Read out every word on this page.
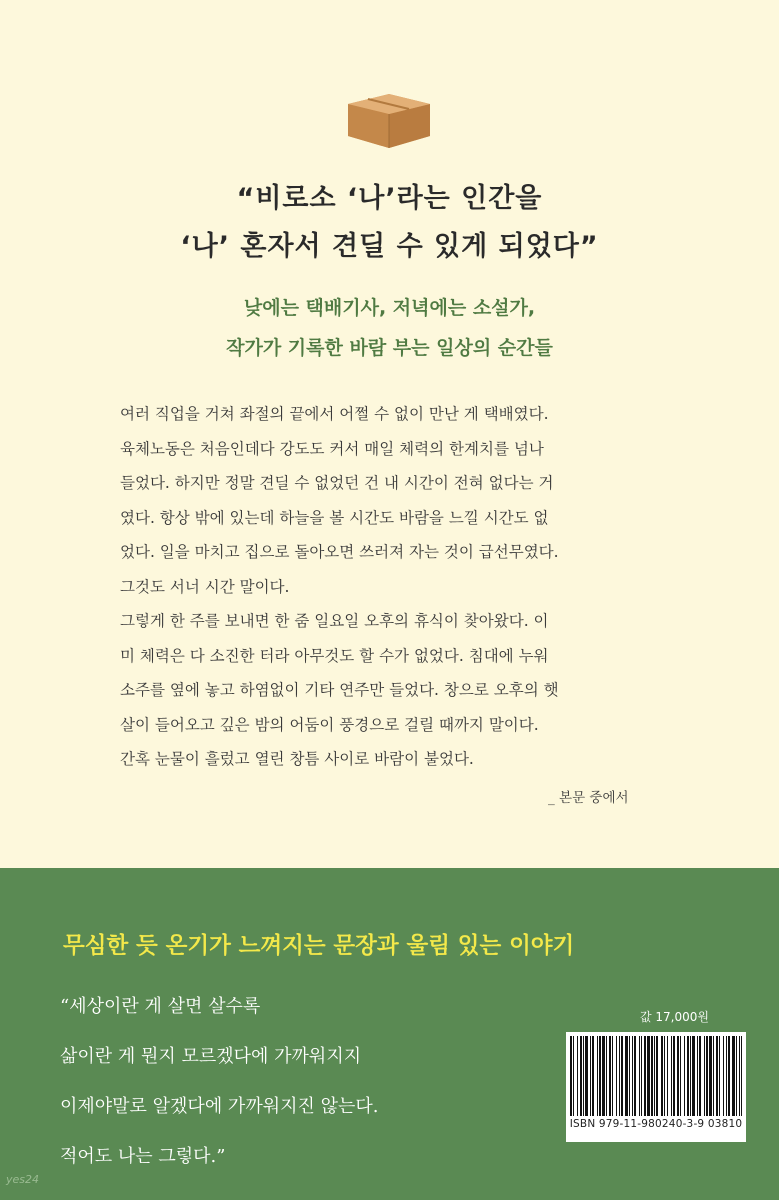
“비로소 ‘나’라는 인간을
‘나’ 혼자서 견딜 수 있게 되었다”

낮에는 택배기사, 저녁에는 소설가,

작가가 기록한 바람 부는 일상의 순간들

여러 직업을 거쳐 좌절의 끝에서 어쩔 수 없이 만난 게 택배였다.

육체노동은 처음인데다 강도도 커서 매일 체력의 한계치를 넘나

들었다. 하지만 정말 견딜 수 없었던 건 내 시간이 전혀 없다는 거

였다. 항상 밖에 있는데 하늘을 볼 시간도 바람을 느낄 시간도 없

었다. 일을 마치고 집으로 돌아오면 쓰러져 자는 것이 급선무였다.

그것도 서너 시간 말이다.

그렇게 한 주를 보내면 한 줌 일요일 오후의 휴식이 찾아왔다. 이

미 체력은 다 소진한 터라 아무것도 할 수가 없었다. 침대에 누워

소주를 옆에 놓고 하염없이 기타 연주만 들었다. 창으로 오후의 햇

살이 들어오고 깊은 밤의 어둠이 풍경으로 걸릴 때까지 말이다.

간혹 눈물이 흘렀고 열린 창틈 사이로 바람이 불었다.

_ 본문 중에서

무심한 듯 온기가 느껴지는 문장과 울림 있는 이야기

“세상이란 게 살면 살수록

삶이란 게 뭔지 모르겠다에 가까워지지

이제야말로 알겠다에 가까워지진 않는다.

적어도 나는 그렇다.”

값 17,000원
ISBN 979-11-980240-3-9 03810
yes24
